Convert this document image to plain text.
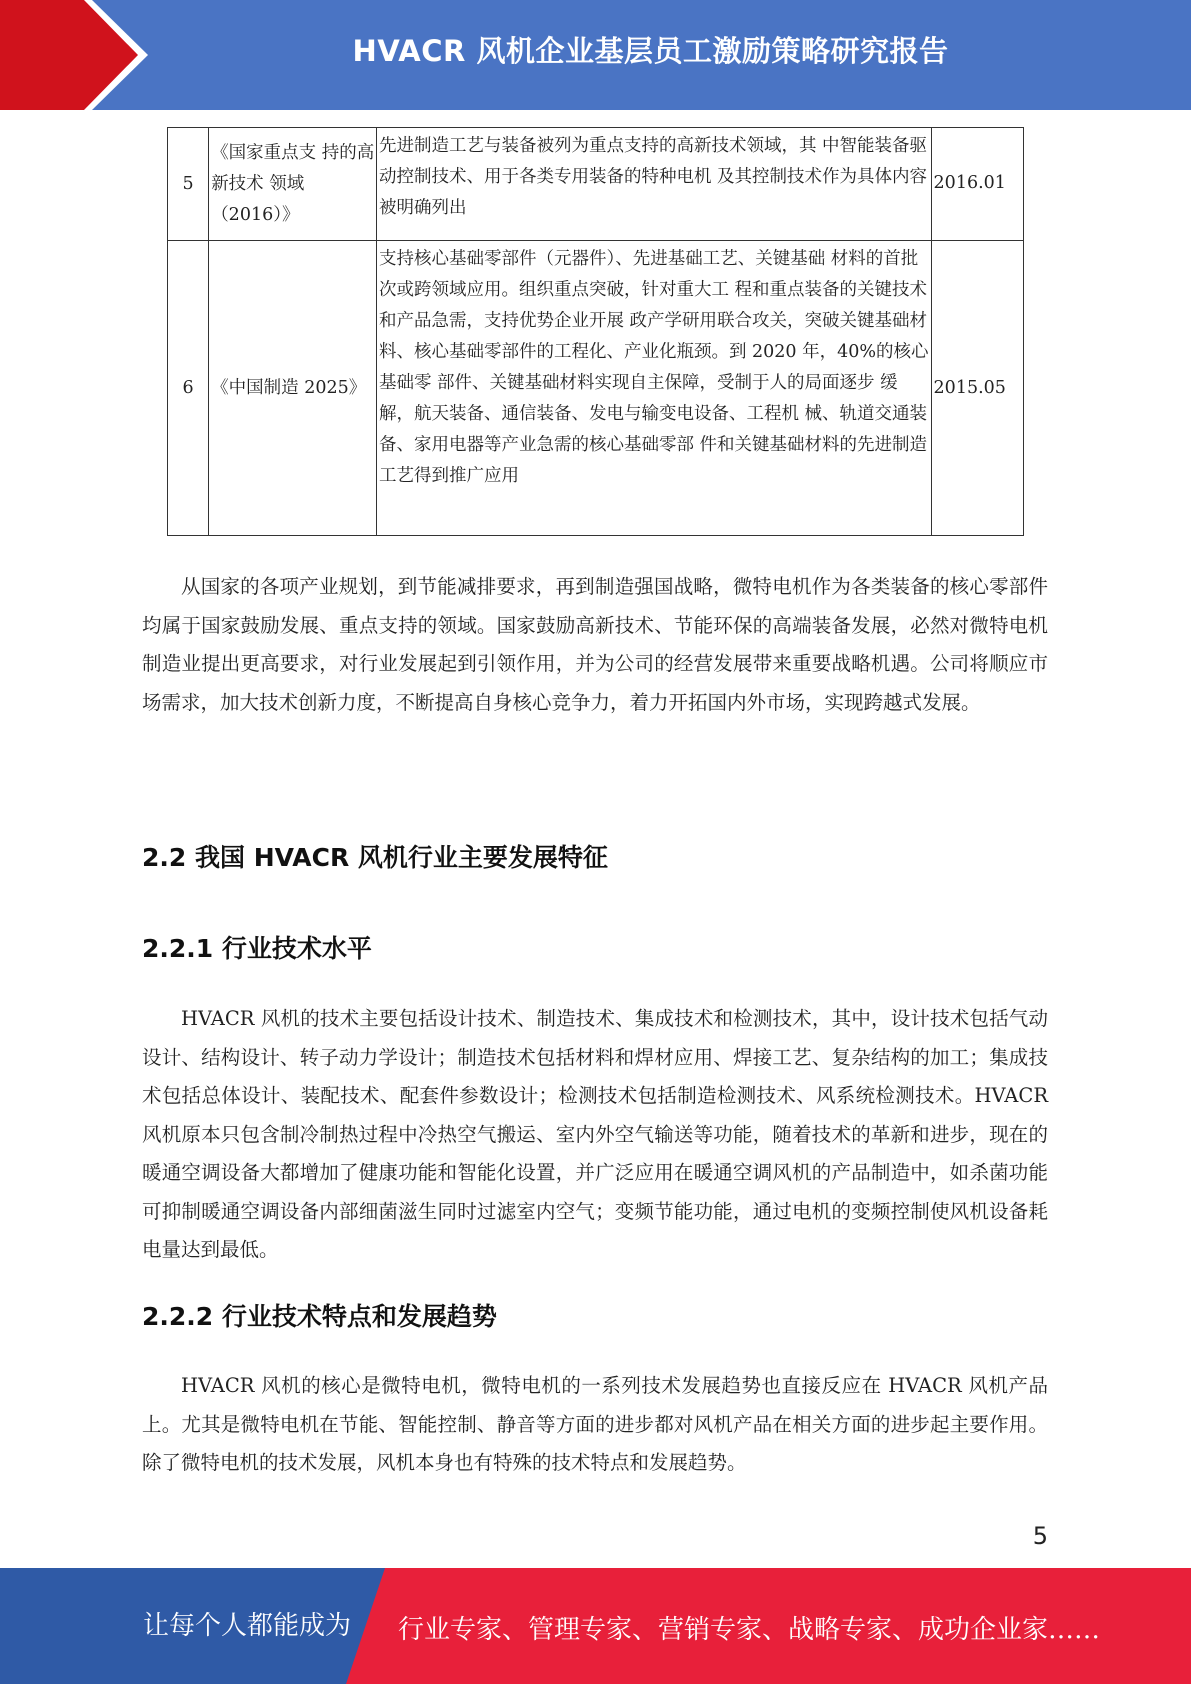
HVACR 风机企业基层员工激励策略研究报告
5	《国家重点支 持的高新技术 领域（2016）》	先进制造工艺与装备被列为重点支持的高新技术领域，其 中智能装备驱动控制技术、用于各类专用装备的特种电机 及其控制技术作为具体内容被明确列出	2016.01
6	《中国制造 2025》	支持核心基础零部件（元器件）、先进基础工艺、关键基础 材料的首批次或跨领域应用。组织重点突破，针对重大工 程和重点装备的关键技术和产品急需，支持优势企业开展 政产学研用联合攻关，突破关键基础材料、核心基础零部件的工程化、产业化瓶颈。到 2020 年，40%的核心基础零 部件、关键基础材料实现自主保障，受制于人的局面逐步 缓解，航天装备、通信装备、发电与输变电设备、工程机 械、轨道交通装备、家用电器等产业急需的核心基础零部 件和关键基础材料的先进制造工艺得到推广应用	2015.05

从国家的各项产业规划，到节能减排要求，再到制造强国战略，微特电机作为各类装备的核心零部件均属于国家鼓励发展、重点支持的领域。国家鼓励高新技术、节能环保的高端装备发展，必然对微特电机制造业提出更高要求，对行业发展起到引领作用，并为公司的经营发展带来重要战略机遇。公司将顺应市场需求，加大技术创新力度，不断提高自身核心竞争力，着力开拓国内外市场，实现跨越式发展。

2.2 我国 HVACR 风机行业主要发展特征
2.2.1 行业技术水平

HVACR 风机的技术主要包括设计技术、制造技术、集成技术和检测技术，其中，设计技术包括气动设计、结构设计、转子动力学设计；制造技术包括材料和焊材应用、焊接工艺、复杂结构的加工；集成技术包括总体设计、装配技术、配套件参数设计；检测技术包括制造检测技术、风系统检测技术。HVACR 风机原本只包含制冷制热过程中冷热空气搬运、室内外空气输送等功能，随着技术的革新和进步，现在的暖通空调设备大都增加了健康功能和智能化设置，并广泛应用在暖通空调风机的产品制造中，如杀菌功能可抑制暖通空调设备内部细菌滋生同时过滤室内空气；变频节能功能，通过电机的变频控制使风机设备耗电量达到最低。

2.2.2 行业技术特点和发展趋势

HVACR 风机的核心是微特电机，微特电机的一系列技术发展趋势也直接反应在 HVACR 风机产品上。尤其是微特电机在节能、智能控制、静音等方面的进步都对风机产品在相关方面的进步起主要作用。除了微特电机的技术发展，风机本身也有特殊的技术特点和发展趋势。

5
让每个人都能成为 行业专家、管理专家、营销专家、战略专家、成功企业家……
